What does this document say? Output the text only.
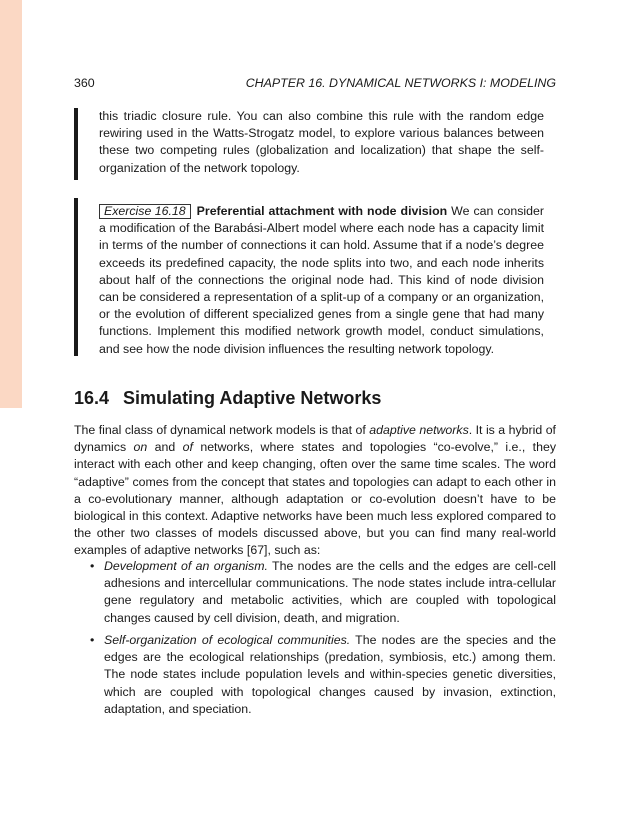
360	CHAPTER 16. DYNAMICAL NETWORKS I: MODELING
this triadic closure rule. You can also combine this rule with the random edge rewiring used in the Watts-Strogatz model, to explore various balances between these two competing rules (globalization and localization) that shape the self-organization of the network topology.
Exercise 16.18 Preferential attachment with node division We can consider a modification of the Barabási-Albert model where each node has a capacity limit in terms of the number of connections it can hold. Assume that if a node’s degree exceeds its predefined capacity, the node splits into two, and each node inherits about half of the connections the original node had. This kind of node division can be considered a representation of a split-up of a company or an organization, or the evolution of different specialized genes from a single gene that had many functions. Implement this modified network growth model, conduct simulations, and see how the node division influences the resulting network topology.
16.4 Simulating Adaptive Networks
The final class of dynamical network models is that of adaptive networks. It is a hybrid of dynamics on and of networks, where states and topologies “co-evolve,” i.e., they interact with each other and keep changing, often over the same time scales. The word “adaptive” comes from the concept that states and topologies can adapt to each other in a co-evolutionary manner, although adaptation or co-evolution doesn’t have to be biological in this context. Adaptive networks have been much less explored compared to the other two classes of models discussed above, but you can find many real-world examples of adaptive networks [67], such as:
• Development of an organism. The nodes are the cells and the edges are cell-cell adhesions and intercellular communications. The node states include intra-cellular gene regulatory and metabolic activities, which are coupled with topological changes caused by cell division, death, and migration.
• Self-organization of ecological communities. The nodes are the species and the edges are the ecological relationships (predation, symbiosis, etc.) among them. The node states include population levels and within-species genetic diversities, which are coupled with topological changes caused by invasion, extinction, adaptation, and speciation.
